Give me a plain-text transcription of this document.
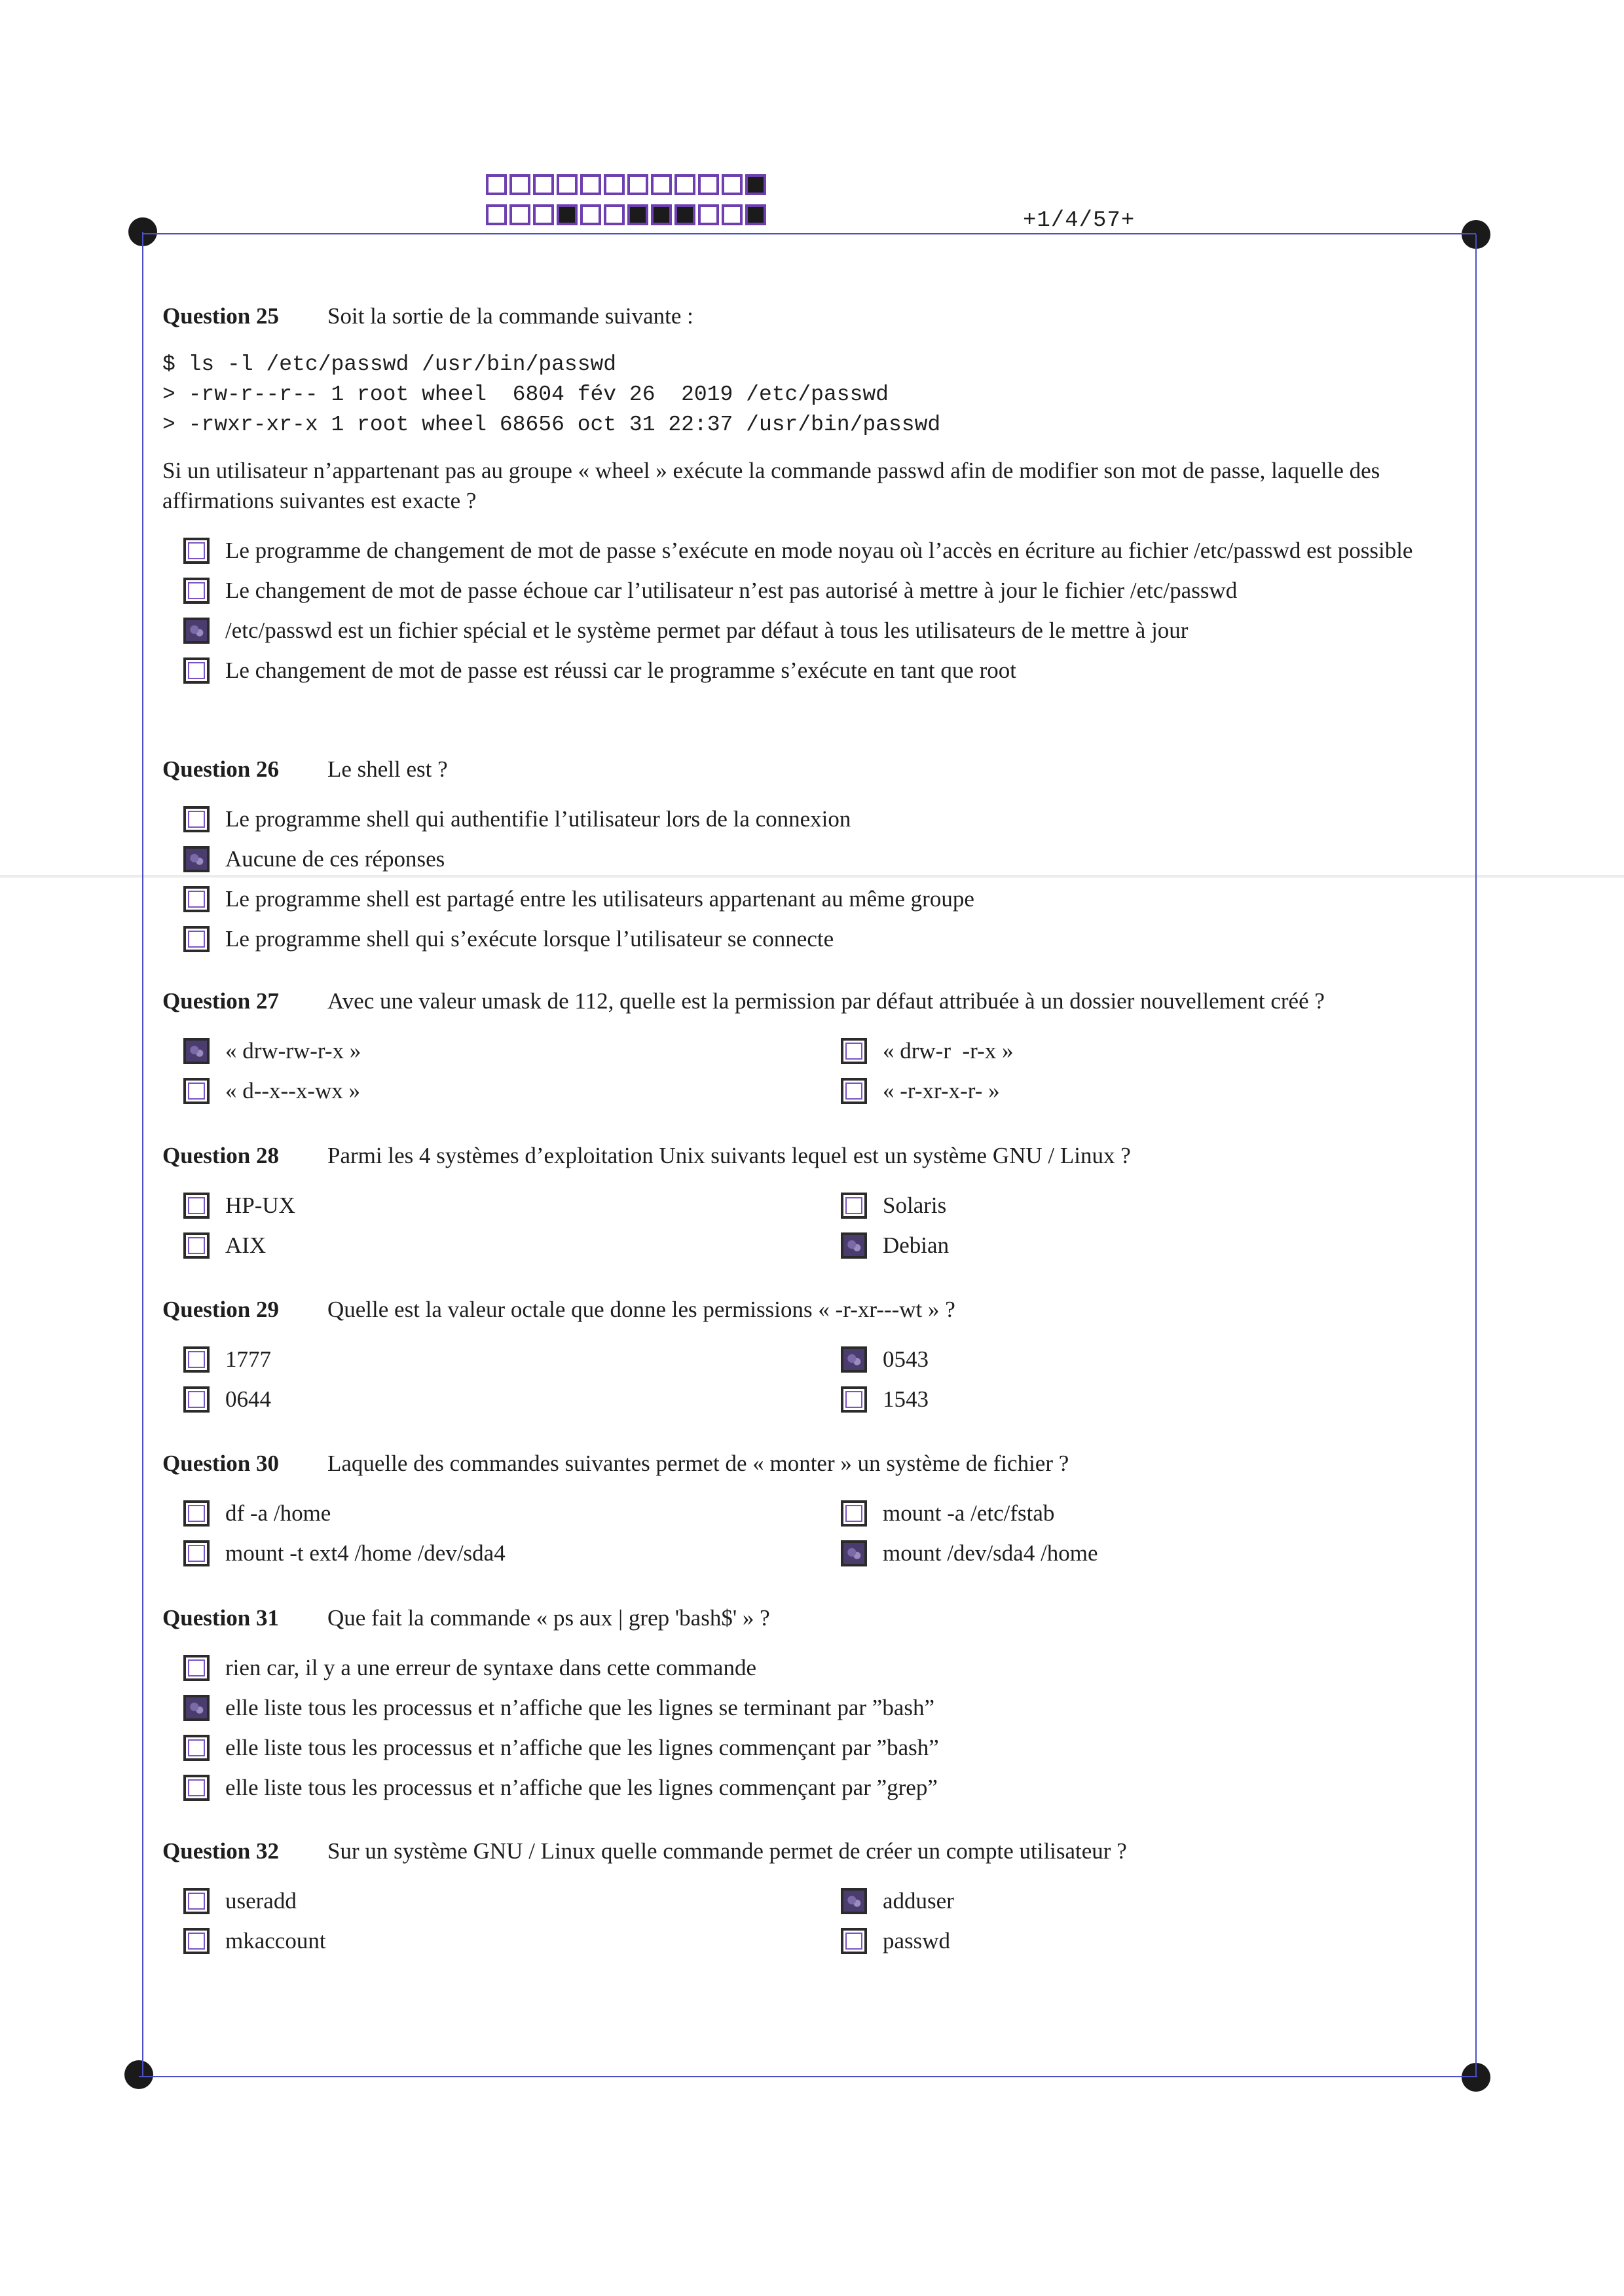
+1/4/57+
Question 25	Soit la sortie de la commande suivante :
$ ls -l /etc/passwd /usr/bin/passwd
> -rw-r--r-- 1 root wheel  6804 fév 26  2019 /etc/passwd
> -rwxr-xr-x 1 root wheel 68656 oct 31 22:37 /usr/bin/passwd
Si un utilisateur n’appartenant pas au groupe « wheel » exécute la commande passwd afin de modifier son mot de passe, laquelle des affirmations suivantes est exacte ?
Le programme de changement de mot de passe s’exécute en mode noyau où l’accès en écriture au fichier /etc/passwd est possible
Le changement de mot de passe échoue car l’utilisateur n’est pas autorisé à mettre à jour le fichier /etc/passwd
/etc/passwd est un fichier spécial et le système permet par défaut à tous les utilisateurs de le mettre à jour
Le changement de mot de passe est réussi car le programme s’exécute en tant que root
Question 26	Le shell est ?
Le programme shell qui authentifie l’utilisateur lors de la connexion
Aucune de ces réponses
Le programme shell est partagé entre les utilisateurs appartenant au même groupe
Le programme shell qui s’exécute lorsque l’utilisateur se connecte
Question 27	Avec une valeur umask de 112, quelle est la permission par défaut attribuée à un dossier nouvellement créé ?
« drw-rw-r-x »	« drw-r  -r-x »
« d--x--x-wx »	« -r-xr-x-r- »
Question 28	Parmi les 4 systèmes d’exploitation Unix suivants lequel est un système GNU / Linux ?
HP-UX	Solaris
AIX	Debian
Question 29	Quelle est la valeur octale que donne les permissions « -r-xr---wt » ?
1777	0543
0644	1543
Question 30	Laquelle des commandes suivantes permet de « monter » un système de fichier ?
df -a /home	mount -a /etc/fstab
mount -t ext4 /home /dev/sda4	mount /dev/sda4 /home
Question 31	Que fait la commande « ps aux | grep 'bash$' » ?
rien car, il y a une erreur de syntaxe dans cette commande
elle liste tous les processus et n’affiche que les lignes se terminant par ”bash”
elle liste tous les processus et n’affiche que les lignes commençant par ”bash”
elle liste tous les processus et n’affiche que les lignes commençant par ”grep”
Question 32	Sur un système GNU / Linux quelle commande permet de créer un compte utilisateur ?
useradd	adduser
mkaccount	passwd
